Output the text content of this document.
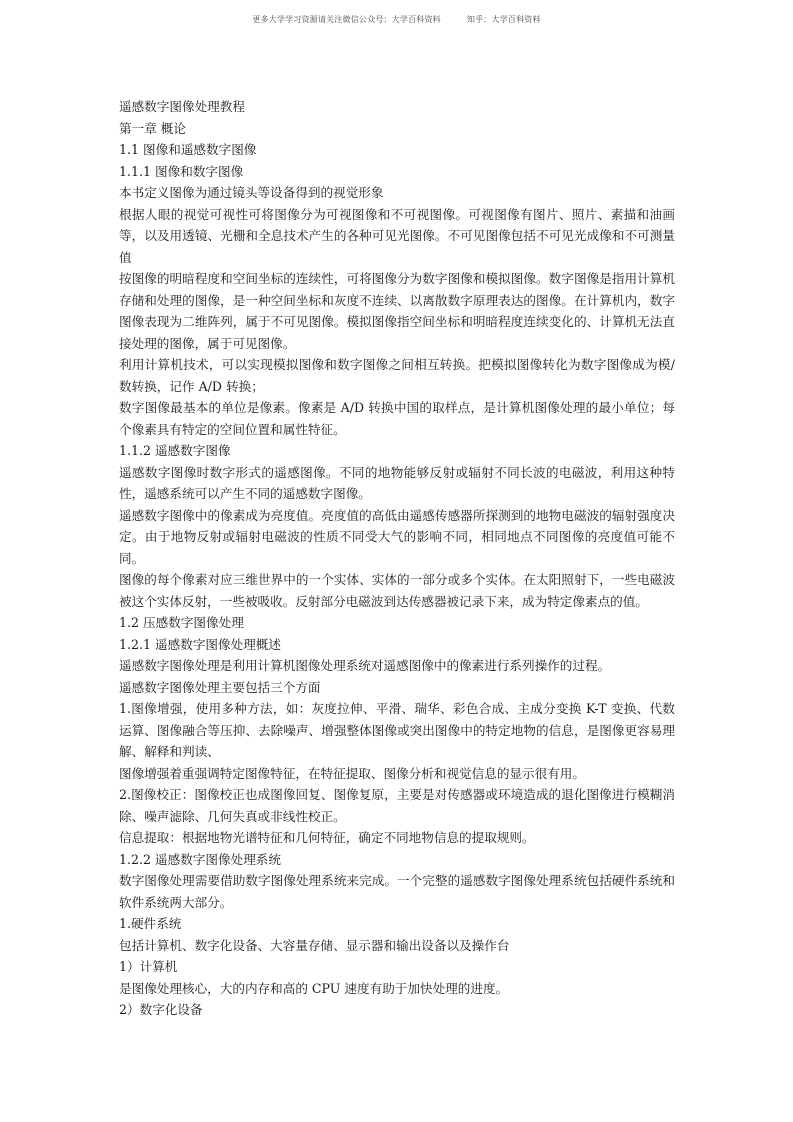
更多大学学习资源请关注微信公众号：大学百科资料	知乎：大学百科资料

遥感数字图像处理教程

第一章 概论

1.1 图像和遥感数字图像

1.1.1 图像和数字图像

本书定义图像为通过镜头等设备得到的视觉形象

根据人眼的视觉可视性可将图像分为可视图像和不可视图像。可视图像有图片、照片、素描和油画等，以及用透镜、光栅和全息技术产生的各种可见光图像。不可见图像包括不可见光成像和不可测量值

按图像的明暗程度和空间坐标的连续性，可将图像分为数字图像和模拟图像。数字图像是指用计算机存储和处理的图像，是一种空间坐标和灰度不连续、以离散数字原理表达的图像。在计算机内，数字图像表现为二维阵列，属于不可见图像。模拟图像指空间坐标和明暗程度连续变化的、计算机无法直接处理的图像，属于可见图像。

利用计算机技术，可以实现模拟图像和数字图像之间相互转换。把模拟图像转化为数字图像成为模/数转换，记作 A/D 转换；

数字图像最基本的单位是像素。像素是 A/D 转换中国的取样点，是计算机图像处理的最小单位；每个像素具有特定的空间位置和属性特征。

1.1.2 遥感数字图像

遥感数字图像时数字形式的遥感图像。不同的地物能够反射或辐射不同长波的电磁波，利用这种特性，遥感系统可以产生不同的遥感数字图像。

遥感数字图像中的像素成为亮度值。亮度值的高低由遥感传感器所探测到的地物电磁波的辐射强度决定。由于地物反射或辐射电磁波的性质不同受大气的影响不同，相同地点不同图像的亮度值可能不同。

图像的每个像素对应三维世界中的一个实体、实体的一部分或多个实体。在太阳照射下，一些电磁波被这个实体反射，一些被吸收。反射部分电磁波到达传感器被记录下来，成为特定像素点的值。

1.2 压感数字图像处理

1.2.1 遥感数字图像处理概述

遥感数字图像处理是利用计算机图像处理系统对遥感图像中的像素进行系列操作的过程。

遥感数字图像处理主要包括三个方面

1.图像增强，使用多种方法，如：灰度拉伸、平滑、瑞华、彩色合成、主成分变换 K-T 变换、代数运算、图像融合等压抑、去除噪声、增强整体图像或突出图像中的特定地物的信息，是图像更容易理解、解释和判读、

图像增强着重强调特定图像特征，在特征提取、图像分析和视觉信息的显示很有用。

2.图像校正：图像校正也成图像回复、图像复原，主要是对传感器或环境造成的退化图像进行模糊消除、噪声滤除、几何失真或非线性校正。

信息提取：根据地物光谱特征和几何特征，确定不同地物信息的提取规则。

1.2.2 遥感数字图像处理系统

数字图像处理需要借助数字图像处理系统来完成。一个完整的遥感数字图像处理系统包括硬件系统和软件系统两大部分。

1.硬件系统

包括计算机、数字化设备、大容量存储、显示器和输出设备以及操作台

1）计算机

是图像处理核心，大的内存和高的 CPU 速度有助于加快处理的进度。

2）数字化设备
